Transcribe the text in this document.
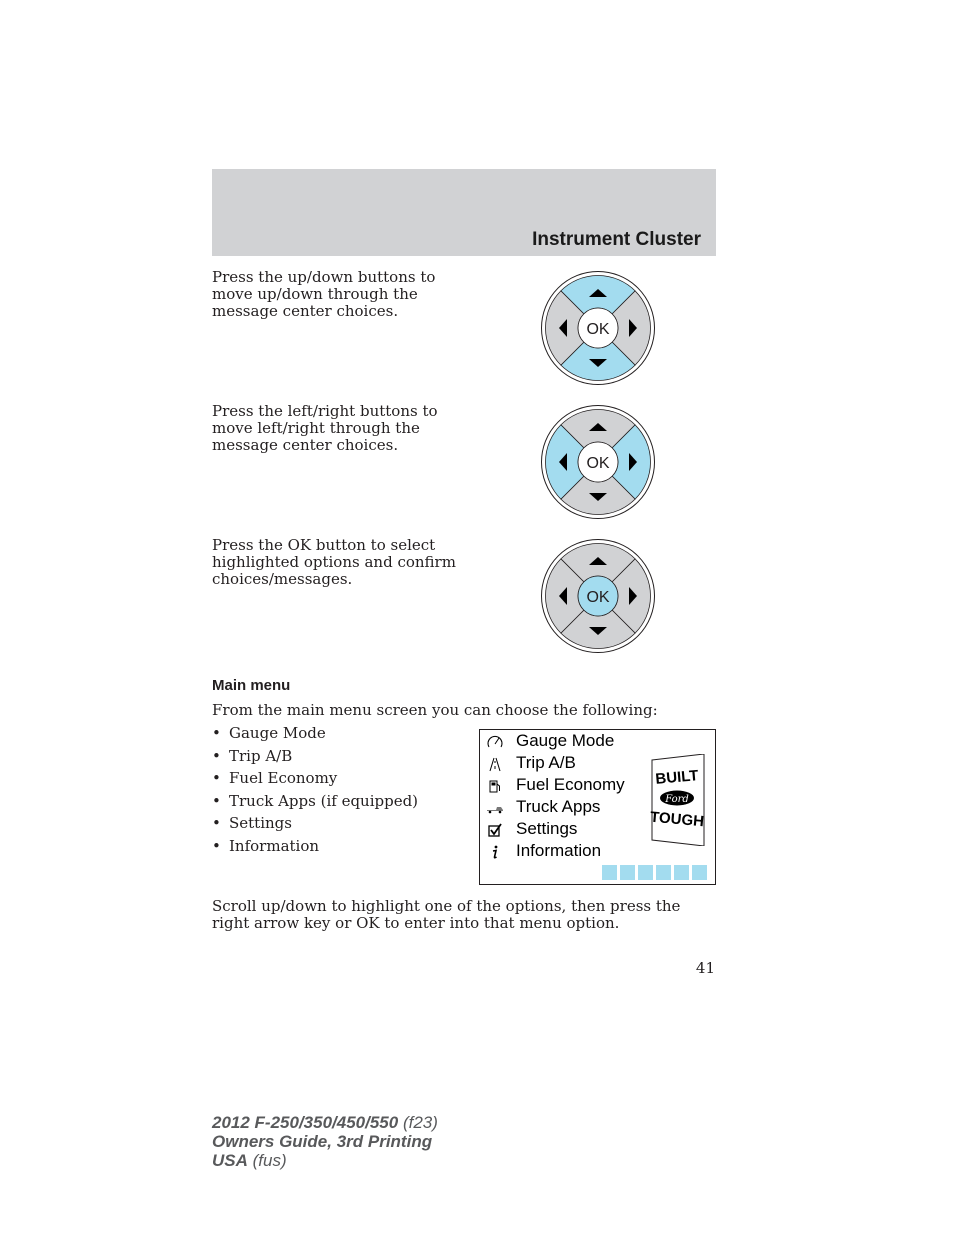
Instrument Cluster
Press the up/down buttons to move up/down through the message center choices.
OK
Press the left/right buttons to move left/right through the message center choices.
OK
Press the OK button to select highlighted options and confirm choices/messages.
OK
Main menu
From the main menu screen you can choose the following:
• Gauge Mode
• Trip A/B
• Fuel Economy
• Truck Apps (if equipped)
• Settings
• Information
Gauge Mode
Trip A/B
Fuel Economy
Truck Apps
Settings
Information
BUILT
Ford
TOUGH
Scroll up/down to highlight one of the options, then press the right arrow key or OK to enter into that menu option.
41
2012 F-250/350/450/550 (f23)
Owners Guide, 3rd Printing
USA (fus)
